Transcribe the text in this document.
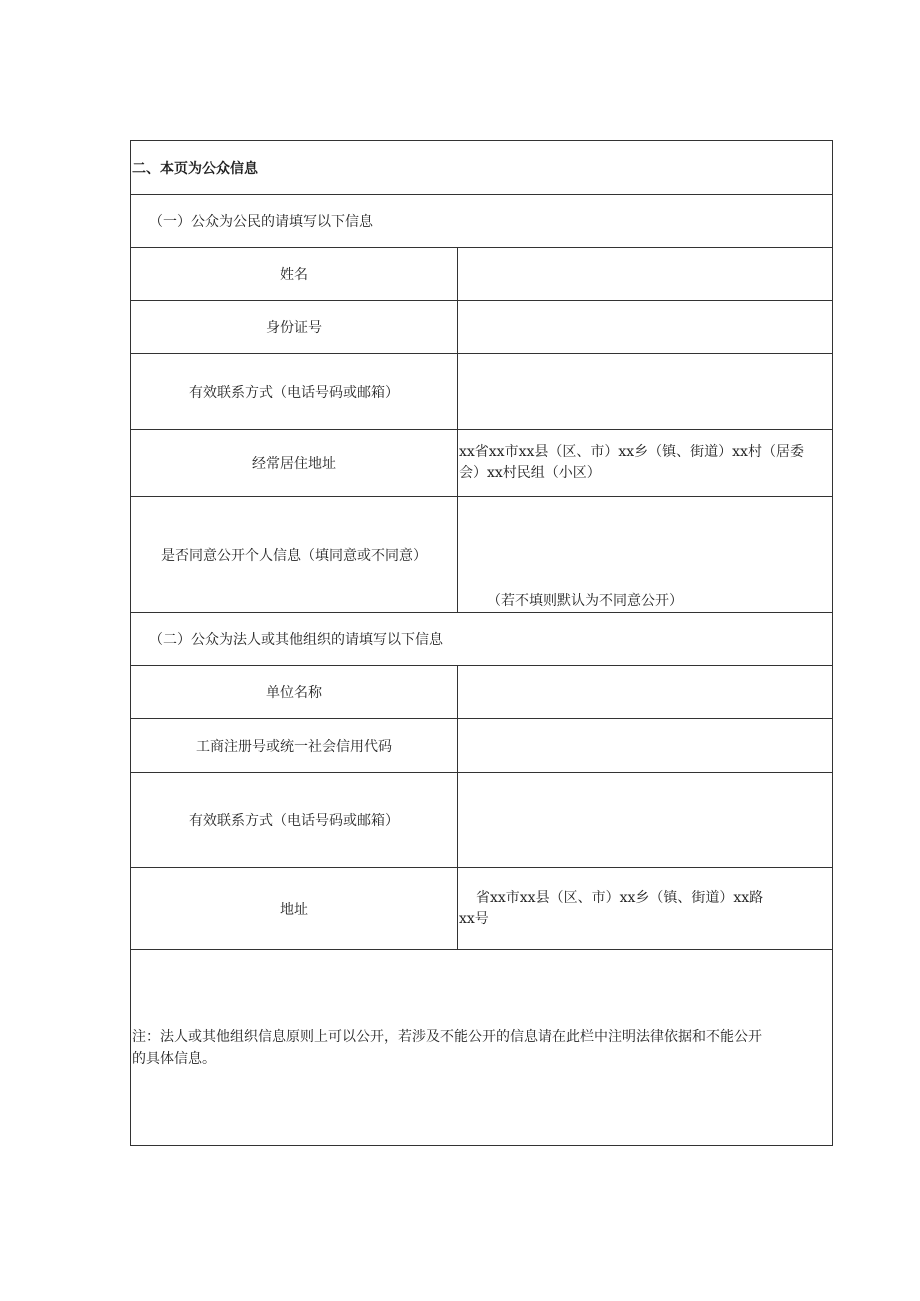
二、本页为公众信息	
（一）公众为公民的请填写以下信息	
姓名	
身份证号	
有效联系方式（电话号码或邮箱）	
经常居住地址	xx省xx市xx县（区、市）xx乡（镇、街道）xx村（居委
会）xx村民组（小区）
是否同意公开个人信息（填同意或不同意）	（若不填则默认为不同意公开）

（二）公众为法人或其他组织的请填写以下信息	
单位名称	
工商注册号或统一社会信用代码	
有效联系方式（电话号码或邮箱）	
地址	省xx市xx县（区、市）xx乡（镇、街道）xx路
xx号
注：法人或其他组织信息原则上可以公开，若涉及不能公开的信息请在此栏中注明法律依据和不能公开
的具体信息。	
